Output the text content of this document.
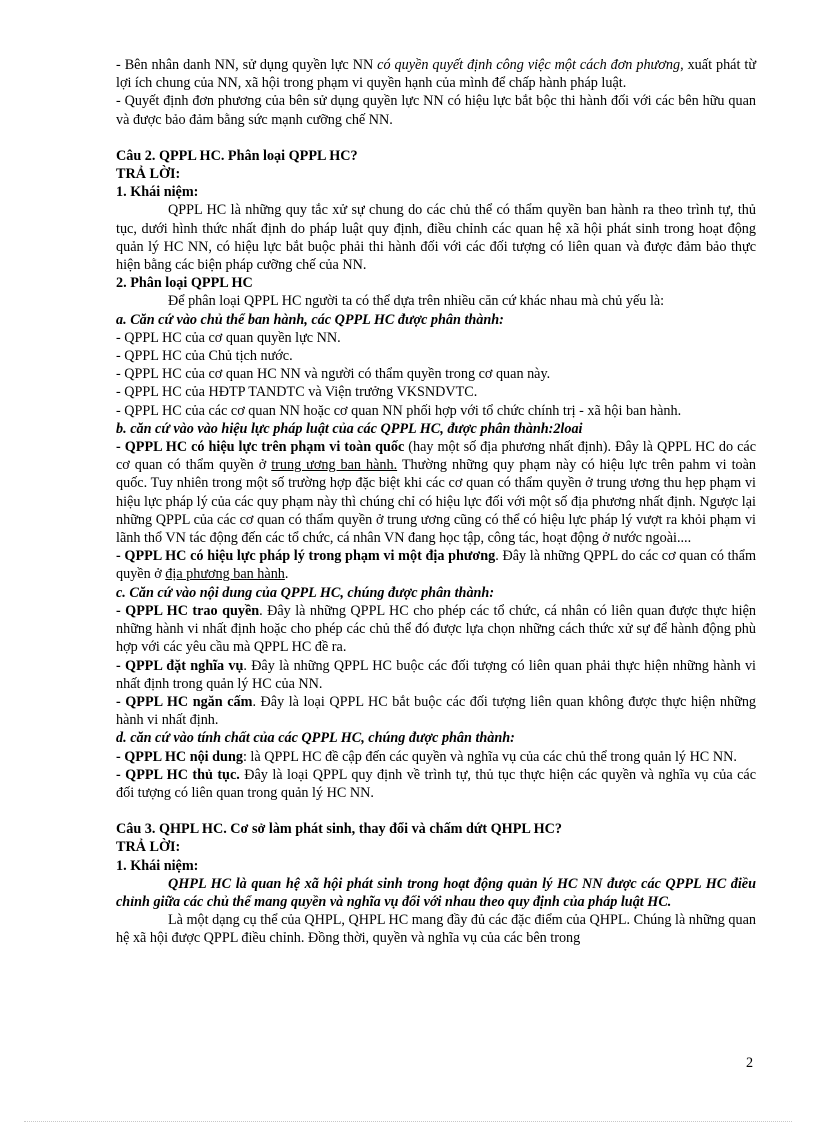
- Bên nhân danh NN, sử dụng quyền lực NN có quyền quyết định công việc một cách đơn phương, xuất phát từ lợi ích chung của NN, xã hội trong phạm vi quyền hạnh của mình để chấp hành pháp luật.

- Quyết định đơn phương của bên sử dụng quyền lực NN có hiệu lực bắt bộc thi hành đối với các bên hữu quan và được bảo đảm bằng sức mạnh cưỡng chế NN.

Câu 2. QPPL HC. Phân loại QPPL HC?

TRẢ LỜI:

1. Khái niệm:

QPPL HC là những quy tắc xử sự chung do các chủ thể có thẩm quyền ban hành ra theo trình tự, thủ tục, dưới hình thức nhất định do pháp luật quy định, điều chỉnh các quan hệ xã hội phát sinh trong hoạt động quản lý HC NN, có hiệu lực bắt buộc phải thi hành đối với các đối tượng có liên quan và được đảm bảo thực hiện bằng các biện pháp cưỡng chế của NN.

2. Phân loại QPPL HC

Để phân loại QPPL HC người ta có thể dựa trên nhiều căn cứ khác nhau mà chủ yếu là:

a. Căn cứ vào chủ thể ban hành, các QPPL HC được phân thành:

- QPPL HC của cơ quan quyền lực NN.

- QPPL HC của Chủ tịch nước.

- QPPL HC của cơ quan HC NN và người có thẩm quyền trong cơ quan này.

- QPPL HC của HĐTP TANDTC và Viện trưởng VKSNDVTC.

- QPPL HC của các cơ quan NN hoặc cơ quan NN phối hợp với tổ chức chính trị - xã hội ban hành.

b. căn cứ vào vào hiệu lực pháp luật của các QPPL HC, được phân thành:2loai

- QPPL HC có hiệu lực trên phạm vi toàn quốc (hay một số địa phương nhất định). Đây là QPPL HC do các cơ quan có thẩm quyền ở trung ương ban hành. Thường những quy phạm này có hiệu lực trên pahm vi toàn quốc. Tuy nhiên trong một số trường hợp đặc biệt khi các cơ quan có thẩm quyền ở trung ương thu hẹp phạm vi hiệu lực pháp lý của các quy phạm này thì chúng chỉ có hiệu lực đối với một số địa phương nhất định. Ngược lại những QPPL của các cơ quan có thẩm quyền ở trung ương cũng có thể có hiệu lực pháp lý vượt ra khỏi phạm vi lãnh thổ VN tác động đến các tổ chức, cá nhân VN đang học tập, công tác, hoạt động ở nước ngoài....

- QPPL HC có hiệu lực pháp lý trong phạm vi một địa phương. Đây là những QPPL do các cơ quan có thẩm quyền ở địa phương ban hành.

c. Căn cứ vào nội dung của QPPL HC, chúng được phân thành:

- QPPL HC trao quyền. Đây là những QPPL HC cho phép các tổ chức, cá nhân có liên quan được thực hiện những hành vi nhất định hoặc cho phép các chủ thể đó được lựa chọn những cách thức xử sự để hành động phù hợp với các yêu cầu mà QPPL HC đề ra.

- QPPL đặt nghĩa vụ. Đây là những QPPL HC buộc các đối tượng có liên quan phải thực hiện những hành vi nhất định trong quản lý HC của NN.

- QPPL HC ngăn cấm. Đây là loại QPPL HC bắt buộc các đối tượng liên quan không được thực hiện những hành vi nhất định.

d. căn cứ vào tính chất của các QPPL HC, chúng được phân thành:

- QPPL HC nội dung: là QPPL HC đề cập đến các quyền và nghĩa vụ của các chủ thể trong quản lý HC NN.

- QPPL HC thủ tục. Đây là loại QPPL quy định về trình tự, thủ tục thực hiện các quyền và nghĩa vụ của các đối tượng có liên quan trong quản lý HC NN.

Câu 3. QHPL HC. Cơ sở làm phát sinh, thay đổi và chấm dứt QHPL HC?

TRẢ LỜI:

1. Khái niệm:

QHPL HC là quan hệ xã hội phát sinh trong hoạt động quản lý HC NN được các QPPL HC điều chỉnh giữa các chủ thể mang quyền và nghĩa vụ đối với nhau theo quy định của pháp luật HC.

Là một dạng cụ thể của QHPL, QHPL HC mang đầy đủ các đặc điểm của QHPL. Chúng là những quan hệ xã hội được QPPL điều chỉnh. Đồng thời, quyền và nghĩa vụ của các bên trong

2
